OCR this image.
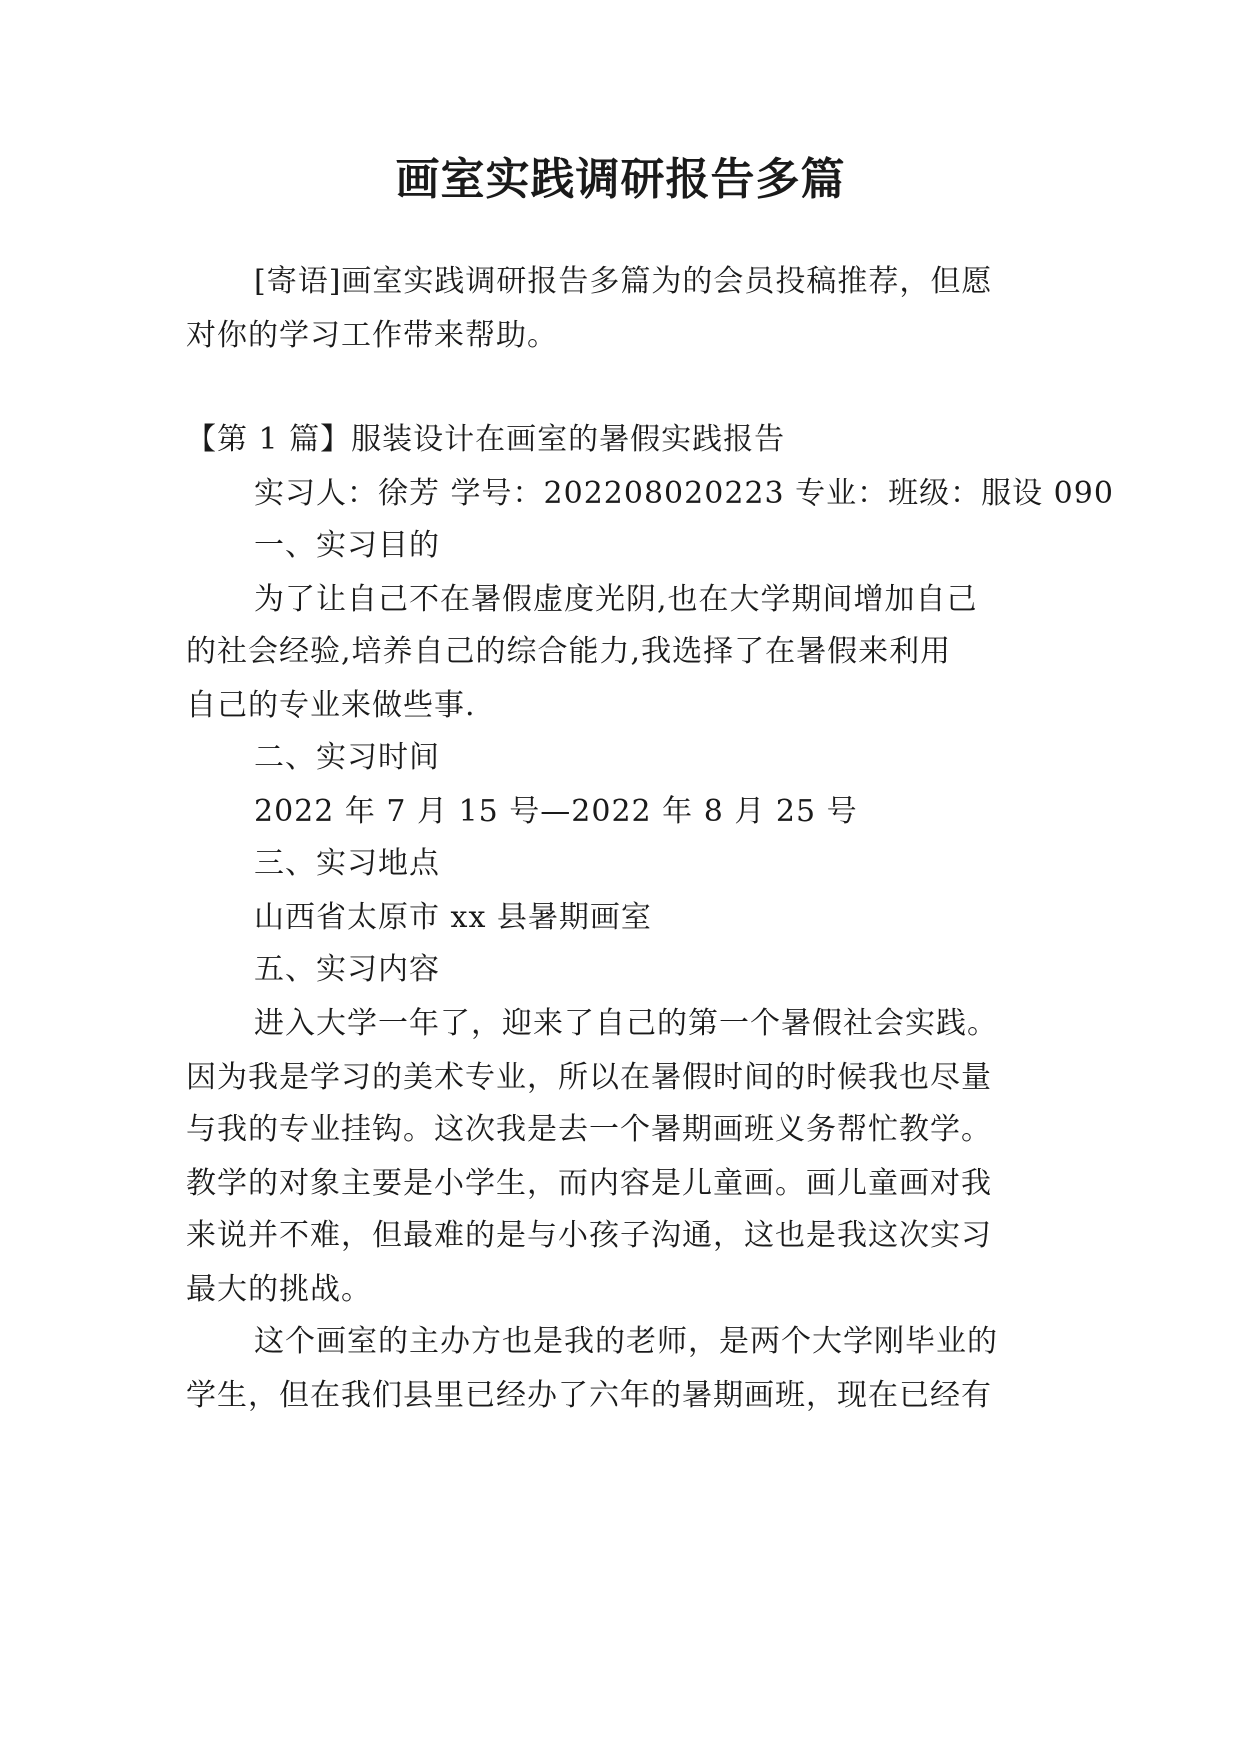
画室实践调研报告多篇
[寄语]画室实践调研报告多篇为的会员投稿推荐，但愿
对你的学习工作带来帮助。
【第 1 篇】服装设计在画室的暑假实践报告
实习人：徐芳 学号：202208020223 专业：班级：服设 090
一、实习目的
为了让自己不在暑假虚度光阴,也在大学期间增加自己
的社会经验,培养自己的综合能力,我选择了在暑假来利用
自己的专业来做些事.
二、实习时间
2022 年 7 月 15 号—2022 年 8 月 25 号
三、实习地点
山西省太原市 xx 县暑期画室
五、实习内容
进入大学一年了，迎来了自己的第一个暑假社会实践。
因为我是学习的美术专业，所以在暑假时间的时候我也尽量
与我的专业挂钩。这次我是去一个暑期画班义务帮忙教学。
教学的对象主要是小学生，而内容是儿童画。画儿童画对我
来说并不难，但最难的是与小孩子沟通，这也是我这次实习
最大的挑战。
这个画室的主办方也是我的老师，是两个大学刚毕业的
学生，但在我们县里已经办了六年的暑期画班，现在已经有
